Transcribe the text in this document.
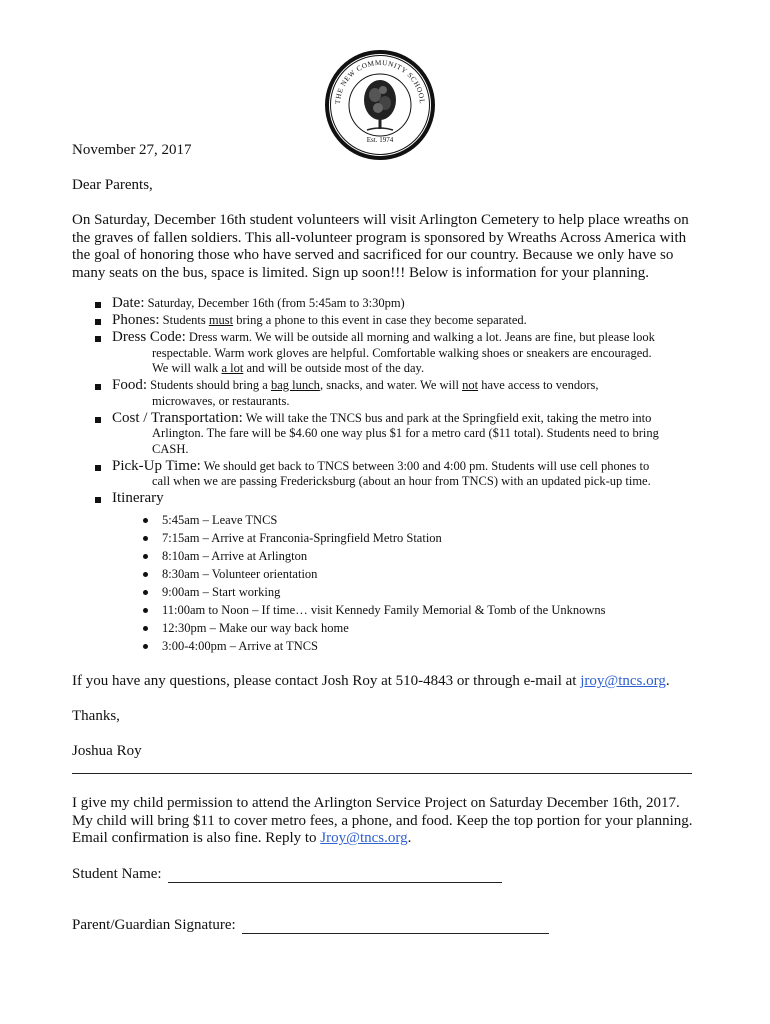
THE NEW COMMUNITY SCHOOL
Est. 1974
November 27, 2017
Dear Parents,
On Saturday, December 16th student volunteers will visit Arlington Cemetery to help place wreaths on the graves of fallen soldiers. This all-volunteer program is sponsored by Wreaths Across America with the goal of honoring those who have served and sacrificed for our country. Because we only have so many seats on the bus, space is limited. Sign up soon!!! Below is information for your planning.
Date: Saturday, December 16th (from 5:45am to 3:30pm)
Phones: Students must bring a phone to this event in case they become separated.
Dress Code: Dress warm. We will be outside all morning and walking a lot. Jeans are fine, but please look
respectable. Warm work gloves are helpful. Comfortable walking shoes or sneakers are encouraged.
We will walk a lot and will be outside most of the day.
Food: Students should bring a bag lunch, snacks, and water. We will not have access to vendors,
microwaves, or restaurants.
Cost / Transportation: We will take the TNCS bus and park at the Springfield exit, taking the metro into
Arlington. The fare will be $4.60 one way plus $1 for a metro card ($11 total). Students need to bring
CASH.
Pick-Up Time: We should get back to TNCS between 3:00 and 4:00 pm. Students will use cell phones to
call when we are passing Fredericksburg (about an hour from TNCS) with an updated pick-up time.
Itinerary
5:45am – Leave TNCS
7:15am – Arrive at Franconia-Springfield Metro Station
8:10am – Arrive at Arlington
8:30am – Volunteer orientation
9:00am – Start working
11:00am to Noon – If time… visit Kennedy Family Memorial & Tomb of the Unknowns
12:30pm – Make our way back home
3:00-4:00pm – Arrive at TNCS
If you have any questions, please contact Josh Roy at 510-4843 or through e-mail at jroy@tncs.org.
Thanks,
Joshua Roy
I give my child permission to attend the Arlington Service Project on Saturday December 16th, 2017. My child will bring $11 to cover metro fees, a phone, and food. Keep the top portion for your planning. Email confirmation is also fine. Reply to Jroy@tncs.org.
Student Name:
Parent/Guardian Signature:
